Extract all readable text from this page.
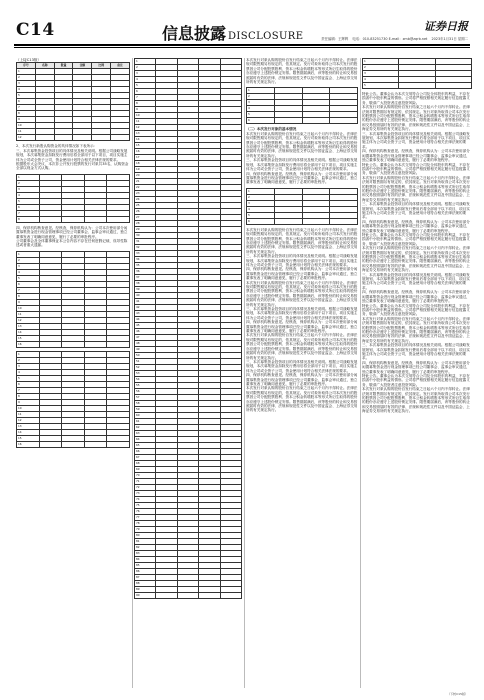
C14	信息披露 DISCLOSURE
证券日报
责任编辑：王辉辉 电话：010-83251730 E-mail：zmb@zqrb.net 2023年1月31日 星期二
（上接C13版）
序号	名称	数量	金额	比例	备注
1					
2					
3					
4					
5					
6					
7					
8					
9					
10					
11					
12					
2、本次发行新股认购资金的具体情况如下表所示：
三、本次募集资金投资项目的具体情况及相关说明。根据公司战略发展规划，本次募集资金扣除发行费用后将全部用于以下项目，项目实施主体为公司或全资子公司，资金使用计划符合相关法律法规的要求。
根据股东大会决议，本次非公开发行股票的发行对象共35名，认购资金全部以现金方式认购。
1				
2				
3				
4				
5				
6				
7				
8				
四、保荐机构核查意见。经核查，保荐机构认为：公司本次使用部分闲置募集资金进行现金管理事项已经公司董事会、监事会审议通过，独立董事发表了明确同意意见，履行了必要的审批程序。
公司董事会及全体董事保证本公告内容不存在任何虚假记载、误导性陈述或者重大遗漏。
1				
2				
3				
4				
5				
6				
7				
8				
9				
10				
11				
12				
13				
14				
15				
16				
1				
2				
3				
4				
5				
6				
7				
8				
9				
10				
11				
12				
13				
14				
15				
16				
1				
2				
3				
4				
5				
6				
7				
8				
9				
10				
11				
12				
13				
14				
15				
16				
17				
18				
19				
20				
21				
22				
23				
24				
25				
26				
27				
28				
29				
30				
31				
32				
33				
34				
35				
36				
37				
38				
39				
40				
41				
42				
43				
44				
45				
46				
47				
48				
49				
50				
51				
52				
53				
54				
55				
56				
57				
58				
59				
60				
61				
62				
63				
64				
65				
66				
67				
68				
69				
70				
71				
72				
73				
74				
75				
76				
77				
78				
79				
80				
81				
82				
83				
84				
85				
86				
87				
88				
89				
90				
本次发行对象认购的股份自发行结束之日起六个月内不得转让。法律法规对限售期另有规定的，依其规定。发行对象所取得公司本次发行的股票因公司分配股票股利、资本公积金转增股本等形式所衍生取得的股份亦应遵守上述股份锁定安排。限售期届满后，该等股份的转让和交易按照届时有效的法律、法规和规范性文件以及中国证监会、上海证券交易所的有关规定执行。
1			
2			
3			
4			
5			
6			
（二）本次发行对象的基本情况
本次发行对象认购的股份自发行结束之日起六个月内不得转让。法律法规对限售期另有规定的，依其规定。发行对象所取得公司本次发行的股票因公司分配股票股利、资本公积金转增股本等形式所衍生取得的股份亦应遵守上述股份锁定安排。限售期届满后，该等股份的转让和交易按照届时有效的法律、法规和规范性文件以及中国证监会、上海证券交易所的有关规定执行。
三、本次募集资金投资项目的具体情况及相关说明。根据公司战略发展规划，本次募集资金扣除发行费用后将全部用于以下项目，项目实施主体为公司或全资子公司，资金使用计划符合相关法律法规的要求。
四、保荐机构核查意见。经核查，保荐机构认为：公司本次使用部分闲置募集资金进行现金管理事项已经公司董事会、监事会审议通过，独立董事发表了明确同意意见，履行了必要的审批程序。
1			
2			
3			
4			
5			
6			
本次发行对象认购的股份自发行结束之日起六个月内不得转让。法律法规对限售期另有规定的，依其规定。发行对象所取得公司本次发行的股票因公司分配股票股利、资本公积金转增股本等形式所衍生取得的股份亦应遵守上述股份锁定安排。限售期届满后，该等股份的转让和交易按照届时有效的法律、法规和规范性文件以及中国证监会、上海证券交易所的有关规定执行。
三、本次募集资金投资项目的具体情况及相关说明。根据公司战略发展规划，本次募集资金扣除发行费用后将全部用于以下项目，项目实施主体为公司或全资子公司，资金使用计划符合相关法律法规的要求。
四、保荐机构核查意见。经核查，保荐机构认为：公司本次使用部分闲置募集资金进行现金管理事项已经公司董事会、监事会审议通过，独立董事发表了明确同意意见，履行了必要的审批程序。
本次发行对象认购的股份自发行结束之日起六个月内不得转让。法律法规对限售期另有规定的，依其规定。发行对象所取得公司本次发行的股票因公司分配股票股利、资本公积金转增股本等形式所衍生取得的股份亦应遵守上述股份锁定安排。限售期届满后，该等股份的转让和交易按照届时有效的法律、法规和规范性文件以及中国证监会、上海证券交易所的有关规定执行。
三、本次募集资金投资项目的具体情况及相关说明。根据公司战略发展规划，本次募集资金扣除发行费用后将全部用于以下项目，项目实施主体为公司或全资子公司，资金使用计划符合相关法律法规的要求。
四、保荐机构核查意见。经核查，保荐机构认为：公司本次使用部分闲置募集资金进行现金管理事项已经公司董事会、监事会审议通过，独立董事发表了明确同意意见，履行了必要的审批程序。
本次发行对象认购的股份自发行结束之日起六个月内不得转让。法律法规对限售期另有规定的，依其规定。发行对象所取得公司本次发行的股票因公司分配股票股利、资本公积金转增股本等形式所衍生取得的股份亦应遵守上述股份锁定安排。限售期届满后，该等股份的转让和交易按照届时有效的法律、法规和规范性文件以及中国证监会、上海证券交易所的有关规定执行。
三、本次募集资金投资项目的具体情况及相关说明。根据公司战略发展规划，本次募集资金扣除发行费用后将全部用于以下项目，项目实施主体为公司或全资子公司，资金使用计划符合相关法律法规的要求。
四、保荐机构核查意见。经核查，保荐机构认为：公司本次使用部分闲置募集资金进行现金管理事项已经公司董事会、监事会审议通过，独立董事发表了明确同意意见，履行了必要的审批程序。
本次发行对象认购的股份自发行结束之日起六个月内不得转让。法律法规对限售期另有规定的，依其规定。发行对象所取得公司本次发行的股票因公司分配股票股利、资本公积金转增股本等形式所衍生取得的股份亦应遵守上述股份锁定安排。限售期届满后，该等股份的转让和交易按照届时有效的法律、法规和规范性文件以及中国证监会、上海证券交易所的有关规定执行。
1		
2		
3		
4		
5		
特此公告。董事会认为本次交易符合公司及全体股东的利益，不存在损害中小股东利益的情形。公司将严格按照相关规定履行信息披露义务，敬请广大投资者注意投资风险。
本次发行对象认购的股份自发行结束之日起六个月内不得转让。法律法规对限售期另有规定的，依其规定。发行对象所取得公司本次发行的股票因公司分配股票股利、资本公积金转增股本等形式所衍生取得的股份亦应遵守上述股份锁定安排。限售期届满后，该等股份的转让和交易按照届时有效的法律、法规和规范性文件以及中国证监会、上海证券交易所的有关规定执行。
三、本次募集资金投资项目的具体情况及相关说明。根据公司战略发展规划，本次募集资金扣除发行费用后将全部用于以下项目，项目实施主体为公司或全资子公司，资金使用计划符合相关法律法规的要求。
四、保荐机构核查意见。经核查，保荐机构认为：公司本次使用部分闲置募集资金进行现金管理事项已经公司董事会、监事会审议通过，独立董事发表了明确同意意见，履行了必要的审批程序。
特此公告。董事会认为本次交易符合公司及全体股东的利益，不存在损害中小股东利益的情形。公司将严格按照相关规定履行信息披露义务，敬请广大投资者注意投资风险。
本次发行对象认购的股份自发行结束之日起六个月内不得转让。法律法规对限售期另有规定的，依其规定。发行对象所取得公司本次发行的股票因公司分配股票股利、资本公积金转增股本等形式所衍生取得的股份亦应遵守上述股份锁定安排。限售期届满后，该等股份的转让和交易按照届时有效的法律、法规和规范性文件以及中国证监会、上海证券交易所的有关规定执行。
三、本次募集资金投资项目的具体情况及相关说明。根据公司战略发展规划，本次募集资金扣除发行费用后将全部用于以下项目，项目实施主体为公司或全资子公司，资金使用计划符合相关法律法规的要求。
四、保荐机构核查意见。经核查，保荐机构认为：公司本次使用部分闲置募集资金进行现金管理事项已经公司董事会、监事会审议通过，独立董事发表了明确同意意见，履行了必要的审批程序。
特此公告。董事会认为本次交易符合公司及全体股东的利益，不存在损害中小股东利益的情形。公司将严格按照相关规定履行信息披露义务，敬请广大投资者注意投资风险。
本次发行对象认购的股份自发行结束之日起六个月内不得转让。法律法规对限售期另有规定的，依其规定。发行对象所取得公司本次发行的股票因公司分配股票股利、资本公积金转增股本等形式所衍生取得的股份亦应遵守上述股份锁定安排。限售期届满后，该等股份的转让和交易按照届时有效的法律、法规和规范性文件以及中国证监会、上海证券交易所的有关规定执行。
三、本次募集资金投资项目的具体情况及相关说明。根据公司战略发展规划，本次募集资金扣除发行费用后将全部用于以下项目，项目实施主体为公司或全资子公司，资金使用计划符合相关法律法规的要求。
四、保荐机构核查意见。经核查，保荐机构认为：公司本次使用部分闲置募集资金进行现金管理事项已经公司董事会、监事会审议通过，独立董事发表了明确同意意见，履行了必要的审批程序。
特此公告。董事会认为本次交易符合公司及全体股东的利益，不存在损害中小股东利益的情形。公司将严格按照相关规定履行信息披露义务，敬请广大投资者注意投资风险。
本次发行对象认购的股份自发行结束之日起六个月内不得转让。法律法规对限售期另有规定的，依其规定。发行对象所取得公司本次发行的股票因公司分配股票股利、资本公积金转增股本等形式所衍生取得的股份亦应遵守上述股份锁定安排。限售期届满后，该等股份的转让和交易按照届时有效的法律、法规和规范性文件以及中国证监会、上海证券交易所的有关规定执行。
三、本次募集资金投资项目的具体情况及相关说明。根据公司战略发展规划，本次募集资金扣除发行费用后将全部用于以下项目，项目实施主体为公司或全资子公司，资金使用计划符合相关法律法规的要求。
四、保荐机构核查意见。经核查，保荐机构认为：公司本次使用部分闲置募集资金进行现金管理事项已经公司董事会、监事会审议通过，独立董事发表了明确同意意见，履行了必要的审批程序。
特此公告。董事会认为本次交易符合公司及全体股东的利益，不存在损害中小股东利益的情形。公司将严格按照相关规定履行信息披露义务，敬请广大投资者注意投资风险。
本次发行对象认购的股份自发行结束之日起六个月内不得转让。法律法规对限售期另有规定的，依其规定。发行对象所取得公司本次发行的股票因公司分配股票股利、资本公积金转增股本等形式所衍生取得的股份亦应遵守上述股份锁定安排。限售期届满后，该等股份的转让和交易按照届时有效的法律、法规和规范性文件以及中国证监会、上海证券交易所的有关规定执行。
（下转C15版）
